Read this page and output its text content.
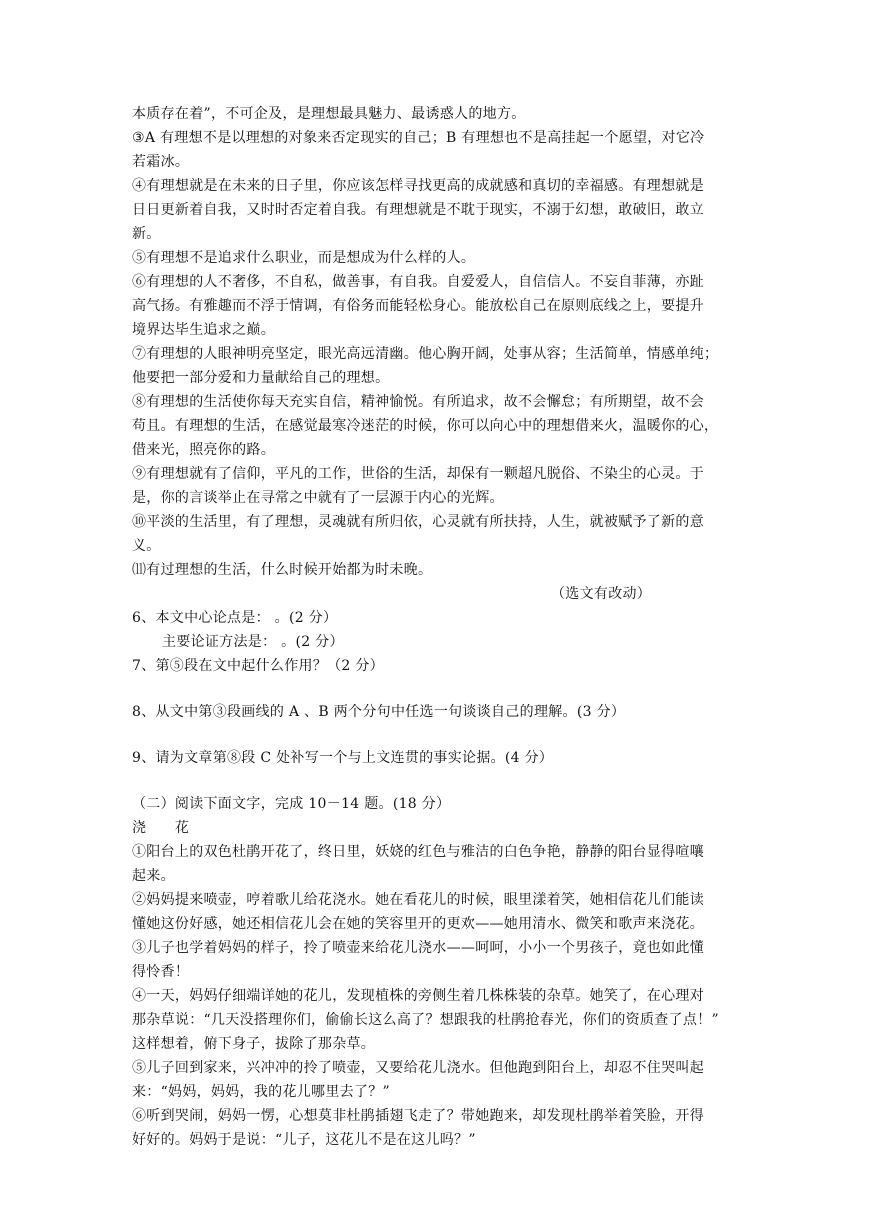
本质存在着”，不可企及，是理想最具魅力、最诱惑人的地方。
③A 有理想不是以理想的对象来否定现实的自己；B 有理想也不是高挂起一个愿望，对它冷
若霜冰。
④有理想就是在未来的日子里，你应该怎样寻找更高的成就感和真切的幸福感。有理想就是
日日更新着自我，又时时否定着自我。有理想就是不耽于现实，不溺于幻想，敢破旧，敢立
新。
⑤有理想不是追求什么职业，而是想成为什么样的人。
⑥有理想的人不奢侈，不自私，做善事，有自我。自爱爱人，自信信人。不妄自菲薄，亦趾
高气扬。有雅趣而不浮于情调，有俗务而能轻松身心。能放松自己在原则底线之上，要提升
境界达毕生追求之巅。
⑦有理想的人眼神明亮坚定，眼光高远清幽。他心胸开阔，处事从容；生活简单，情感单纯；
他要把一部分爱和力量献给自己的理想。
⑧有理想的生活使你每天充实自信，精神愉悦。有所追求，故不会懈怠；有所期望，故不会
苟且。有理想的生活，在感觉最寒冷迷茫的时候，你可以向心中的理想借来火，温暖你的心，
借来光，照亮你的路。
⑨有理想就有了信仰，平凡的工作，世俗的生活，却保有一颗超凡脱俗、不染尘的心灵。于
是，你的言谈举止在寻常之中就有了一层源于内心的光辉。
⑩平淡的生活里，有了理想，灵魂就有所归依，心灵就有所扶持，人生，就被赋予了新的意
义。
⑾有过理想的生活，什么时候开始都为时未晚。
（选文有改动）
6、本文中心论点是： 。(2 分）
主要论证方法是： 。(2 分）
7、第⑤段在文中起什么作用？（2 分）
8、从文中第③段画线的 A 、B 两个分句中任选一句谈谈自己的理解。(3 分）
9、请为文章第⑧段 C 处补写一个与上文连贯的事实论据。(4 分）
（二）阅读下面文字，完成 10－14 题。(18 分）
浇　　花
①阳台上的双色杜鹃开花了，终日里，妖娆的红色与雅洁的白色争艳，静静的阳台显得喧嚷
起来。
②妈妈提来喷壶，哼着歌儿给花浇水。她在看花儿的时候，眼里漾着笑，她相信花儿们能读
懂她这份好感，她还相信花儿会在她的笑容里开的更欢——她用清水、微笑和歌声来浇花。
③儿子也学着妈妈的样子，拎了喷壶来给花儿浇水——呵呵，小小一个男孩子，竟也如此懂
得怜香！
④一天，妈妈仔细端详她的花儿，发现植株的旁侧生着几株株装的杂草。她笑了，在心理对
那杂草说：“几天没搭理你们，偷偷长这么高了？想跟我的杜鹃抢春光，你们的资质查了点！”
这样想着，俯下身子，拔除了那杂草。
⑤儿子回到家来，兴冲冲的拎了喷壶，又要给花儿浇水。但他跑到阳台上，却忍不住哭叫起
来：“妈妈，妈妈，我的花儿哪里去了？”
⑥听到哭闹，妈妈一愣，心想莫非杜鹃插翅飞走了？带她跑来，却发现杜鹃举着笑脸，开得
好好的。妈妈于是说：“儿子，这花儿不是在这儿吗？”
